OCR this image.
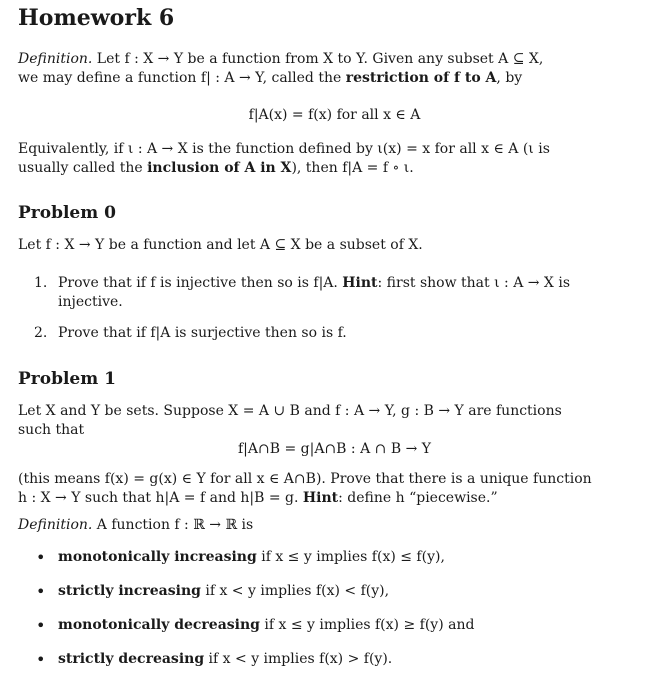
Homework 6

Definition. Let f : X → Y be a function from X to Y. Given any subset A ⊆ X,
we may define a function f| : A → Y, called the restriction of f to A, by

f|A(x) = f(x) for all x ∈ A

Equivalently, if ι : A → X is the function defined by ι(x) = x for all x ∈ A (ι is
usually called the inclusion of A in X), then f|A = f ∘ ι.

Problem 0

Let f : X → Y be a function and let A ⊆ X be a subset of X.

1. Prove that if f is injective then so is f|A. Hint: first show that ι : A → X is injective.
2. Prove that if f|A is surjective then so is f.
Problem 1

Let X and Y be sets. Suppose X = A ∪ B and f : A → Y, g : B → Y are functions
such that

f|A∩B = g|A∩B : A ∩ B → Y

(this means f(x) = g(x) ∈ Y for all x ∈ A∩B). Prove that there is a unique function
h : X → Y such that h|A = f and h|B = g. Hint: define h “piecewise.”

Definition. A function f : ℝ → ℝ is

• monotonically increasing if x ≤ y implies f(x) ≤ f(y),
• strictly increasing if x < y implies f(x) < f(y),
• monotonically decreasing if x ≤ y implies f(x) ≥ f(y) and
• strictly decreasing if x < y implies f(x) > f(y).
